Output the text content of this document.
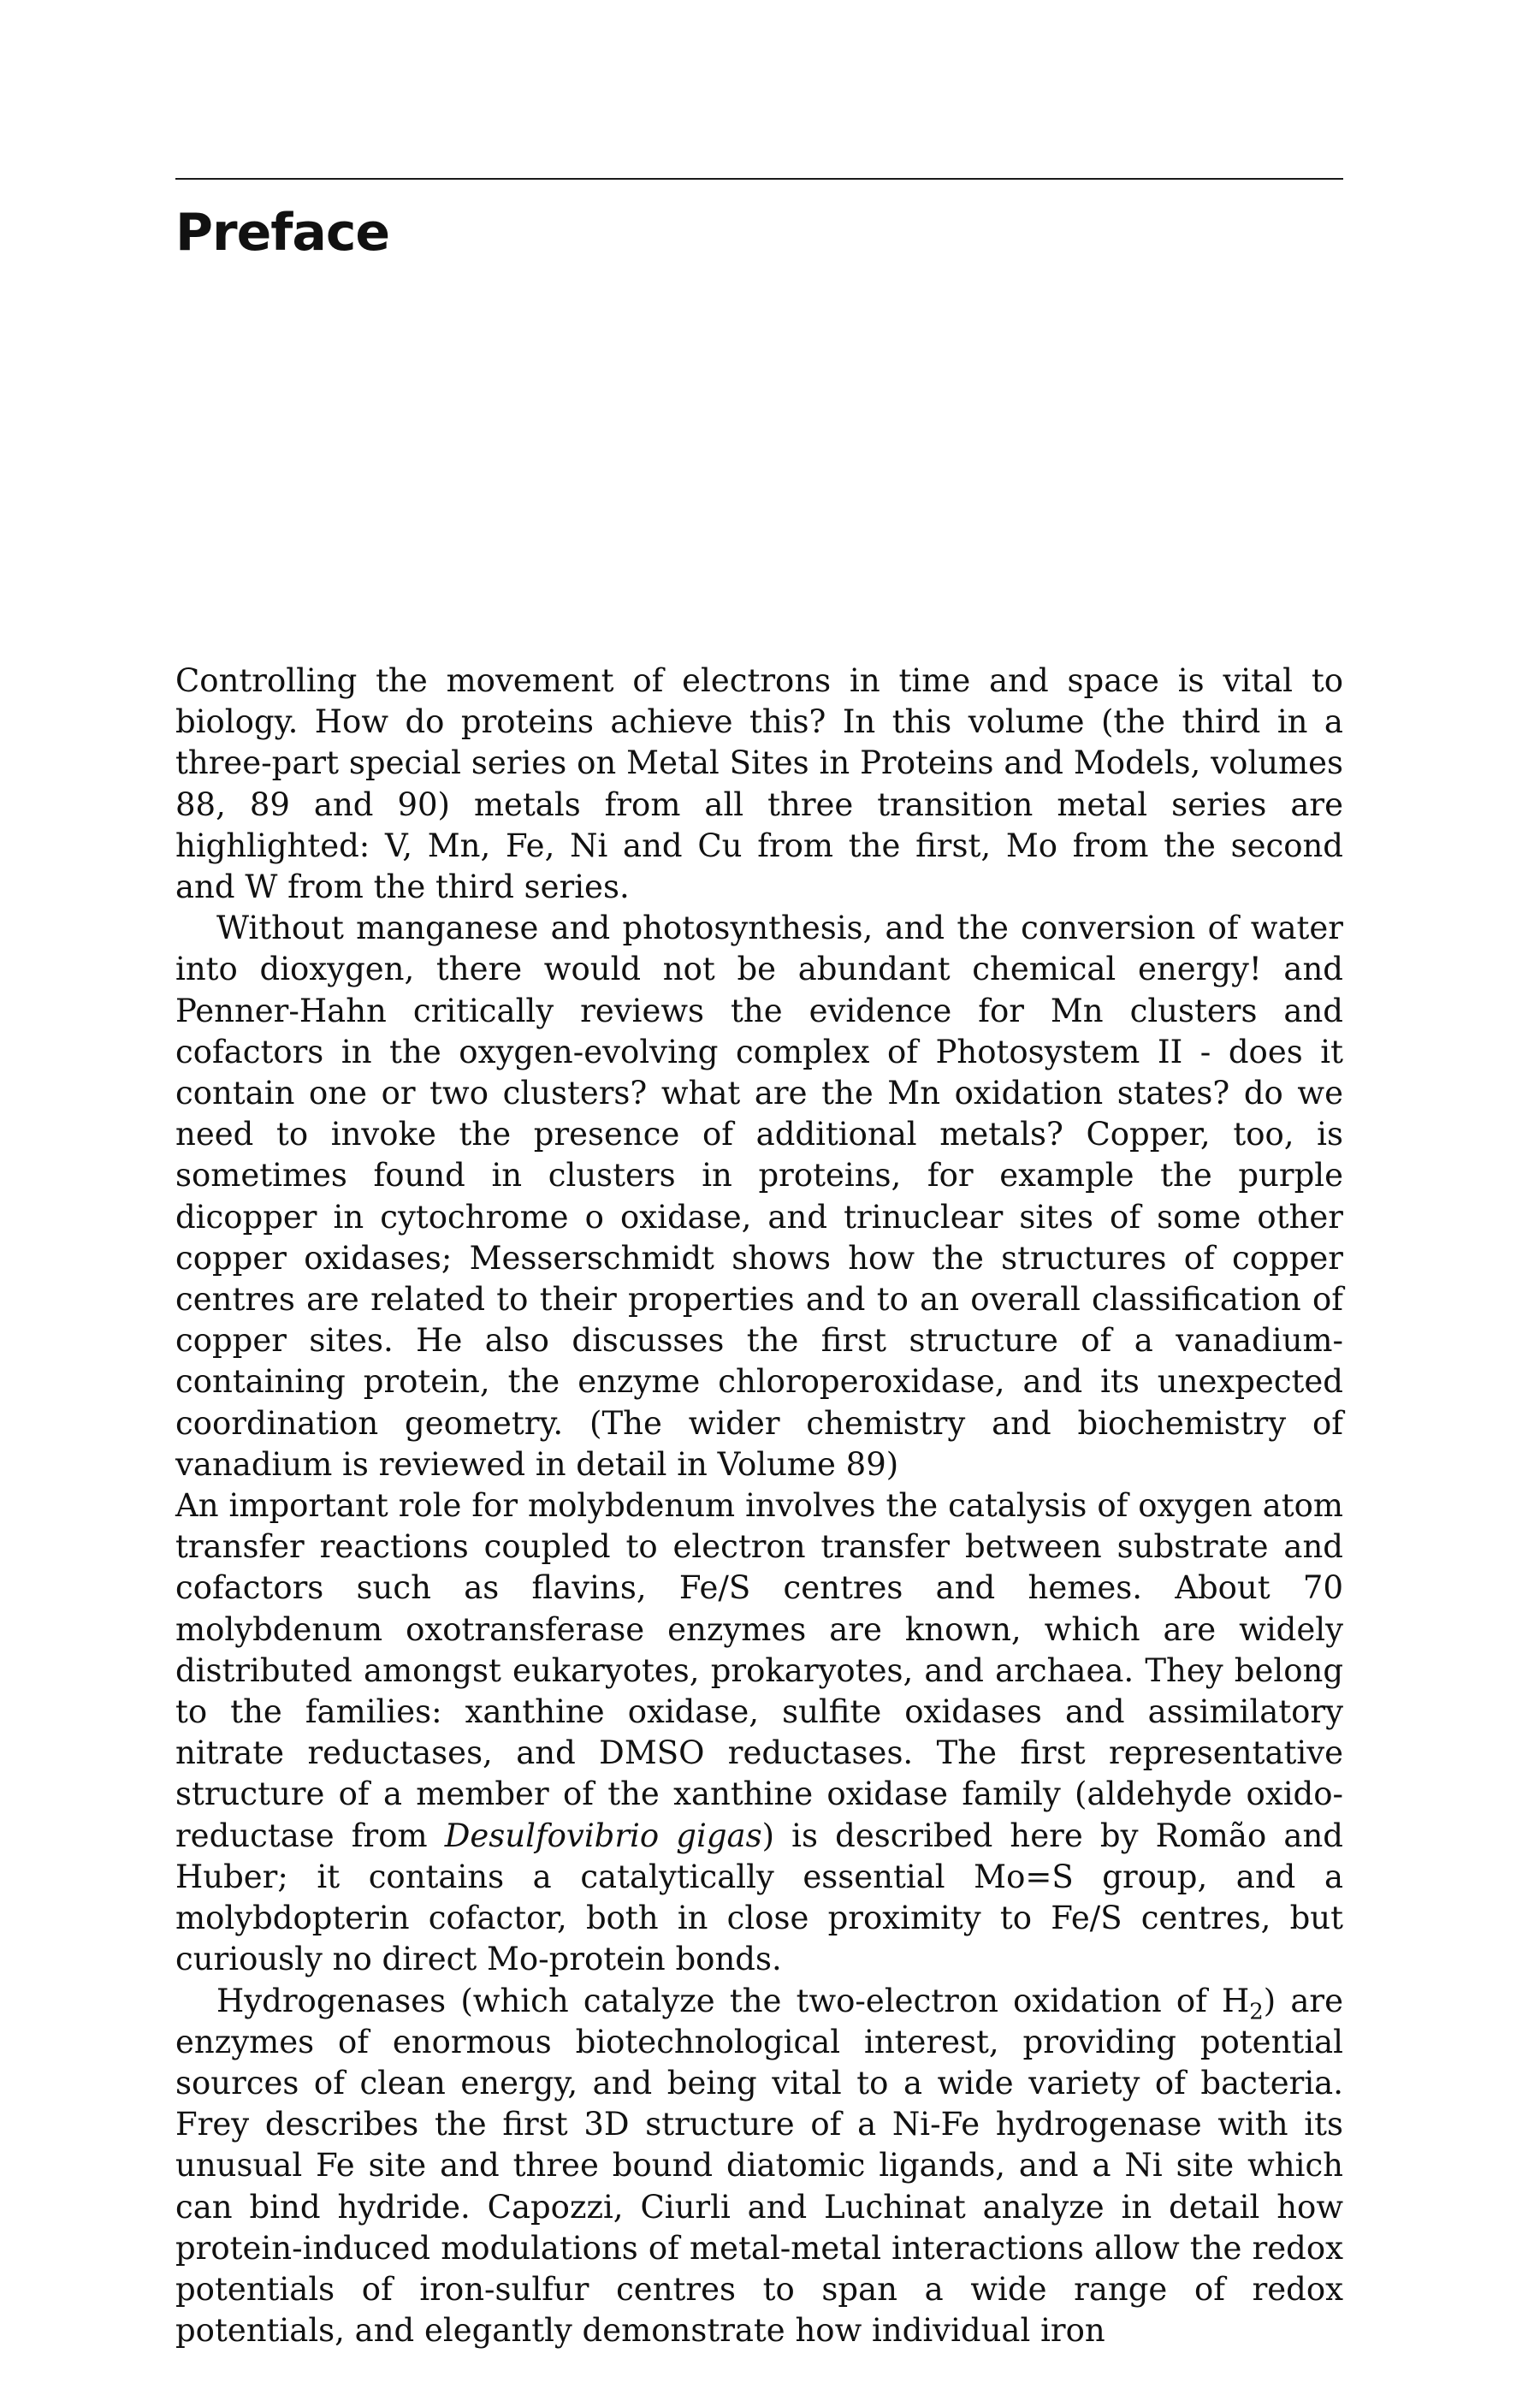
Preface

Controlling the movement of electrons in time and space is vital to biology. How do proteins achieve this? In this volume (the third in a three-part special series on Metal Sites in Proteins and Models, volumes 88, 89 and 90) metals from all three transition metal series are highlighted: V, Mn, Fe, Ni and Cu from the first, Mo from the second and W from the third series.

Without manganese and photosynthesis, and the conversion of water into dioxygen, there would not be abundant chemical energy! and Penner-Hahn critically reviews the evidence for Mn clusters and cofactors in the oxygen-evolving complex of Photosystem II - does it contain one or two clusters? what are the Mn oxidation states? do we need to invoke the presence of additional metals? Copper, too, is sometimes found in clusters in proteins, for example the purple dicopper in cytochrome o oxidase, and trinuclear sites of some other copper oxidases; Messerschmidt shows how the structures of copper centres are related to their properties and to an overall classification of copper sites. He also discusses the first structure of a vanadium-containing protein, the enzyme chloroperoxidase, and its unexpected coordination geometry. (The wider chemistry and biochemistry of vanadium is reviewed in detail in Volume 89)

An important role for molybdenum involves the catalysis of oxygen atom transfer reactions coupled to electron transfer between substrate and cofactors such as flavins, Fe/S centres and hemes. About 70 molybdenum oxotransferase enzymes are known, which are widely distributed amongst eukaryotes, prokaryotes, and archaea. They belong to the families: xanthine oxidase, sulfite oxidases and assimilatory nitrate reductases, and DMSO reductases. The first representative structure of a member of the xanthine oxidase family (aldehyde oxido-reductase from Desulfovibrio gigas) is described here by Romão and Huber; it contains a catalytically essential Mo=S group, and a molybdopterin cofactor, both in close proximity to Fe/S centres, but curiously no direct Mo-protein bonds.

Hydrogenases (which catalyze the two-electron oxidation of $H_2$) are enzymes of enormous biotechnological interest, providing potential sources of clean energy, and being vital to a wide variety of bacteria. Frey describes the first 3D structure of a Ni-Fe hydrogenase with its unusual Fe site and three bound diatomic ligands, and a Ni site which can bind hydride. Capozzi, Ciurli and Luchinat analyze in detail how protein-induced modulations of metal-metal interactions allow the redox potentials of iron-sulfur centres to span a wide range of redox potentials, and elegantly demonstrate how individual iron
